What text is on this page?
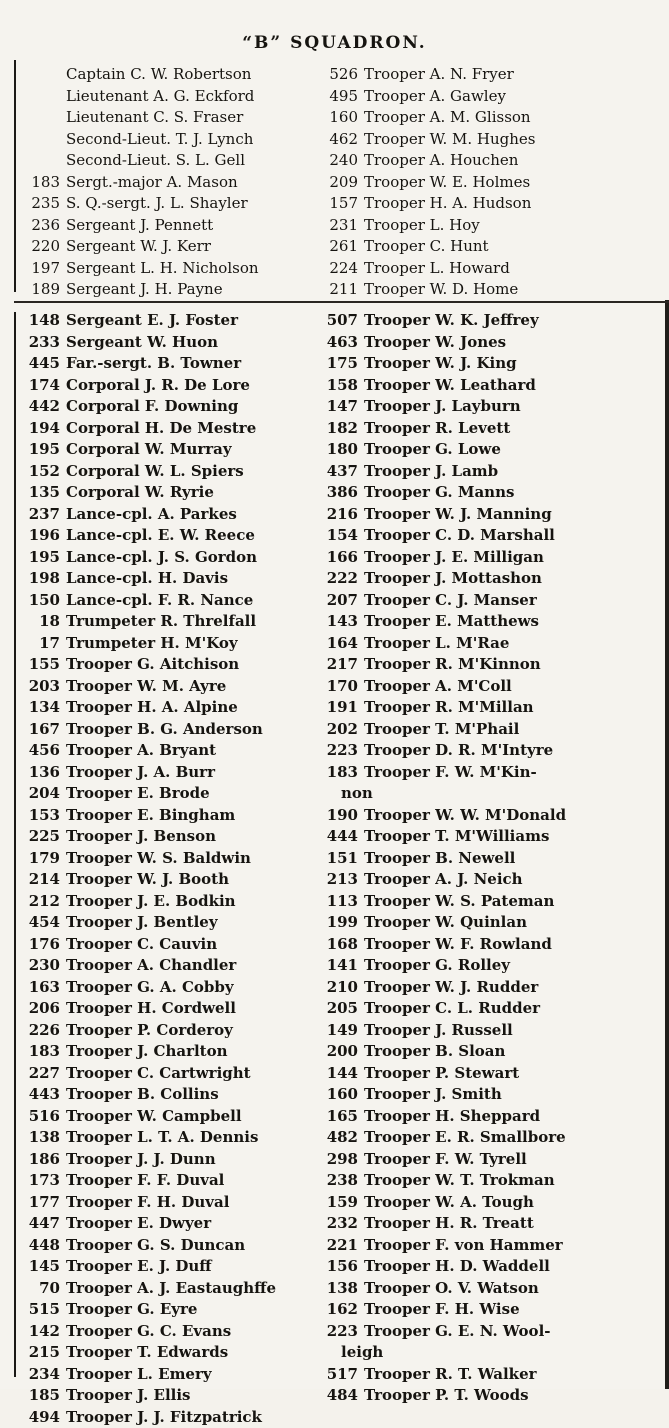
“B” SQUADRON.
Captain C. W. Robertson
Lieutenant A. G. Eckford
Lieutenant C. S. Fraser
Second-Lieut. T. J. Lynch
Second-Lieut. S. L. Gell
183 Sergt.-major A. Mason
235 S. Q.-sergt. J. L. Shayler
236 Sergeant J. Pennett
220 Sergeant W. J. Kerr
197 Sergeant L. H. Nicholson
189 Sergeant J. H. Payne
526 Trooper A. N. Fryer
495 Trooper A. Gawley
160 Trooper A. M. Glisson
462 Trooper W. M. Hughes
240 Trooper A. Houchen
209 Trooper W. E. Holmes
157 Trooper H. A. Hudson
231 Trooper L. Hoy
261 Trooper C. Hunt
224 Trooper L. Howard
211 Trooper W. D. Home
148 Sergeant E. J. Foster
233 Sergeant W. Huon
445 Far.-sergt. B. Towner
174 Corporal J. R. De Lore
442 Corporal F. Downing
194 Corporal H. De Mestre
195 Corporal W. Murray
152 Corporal W. L. Spiers
135 Corporal W. Ryrie
237 Lance-cpl. A. Parkes
196 Lance-cpl. E. W. Reece
195 Lance-cpl. J. S. Gordon
198 Lance-cpl. H. Davis
150 Lance-cpl. F. R. Nance
18 Trumpeter R. Threlfall
17 Trumpeter H. M'Koy
155 Trooper G. Aitchison
203 Trooper W. M. Ayre
134 Trooper H. A. Alpine
167 Trooper B. G. Anderson
456 Trooper A. Bryant
136 Trooper J. A. Burr
204 Trooper E. Brode
153 Trooper E. Bingham
225 Trooper J. Benson
179 Trooper W. S. Baldwin
214 Trooper W. J. Booth
212 Trooper J. E. Bodkin
454 Trooper J. Bentley
176 Trooper C. Cauvin
230 Trooper A. Chandler
163 Trooper G. A. Cobby
206 Trooper H. Cordwell
226 Trooper P. Corderoy
183 Trooper J. Charlton
227 Trooper C. Cartwright
443 Trooper B. Collins
516 Trooper W. Campbell
138 Trooper L. T. A. Dennis
186 Trooper J. J. Dunn
173 Trooper F. F. Duval
177 Trooper F. H. Duval
447 Trooper E. Dwyer
448 Trooper G. S. Duncan
145 Trooper E. J. Duff
70 Trooper A. J. Eastaughffe
515 Trooper G. Eyre
142 Trooper G. C. Evans
215 Trooper T. Edwards
234 Trooper L. Emery
185 Trooper J. Ellis
494 Trooper J. J. Fitzpatrick
507 Trooper W. K. Jeffrey
463 Trooper W. Jones
175 Trooper W. J. King
158 Trooper W. Leathard
147 Trooper J. Layburn
182 Trooper R. Levett
180 Trooper G. Lowe
437 Trooper J. Lamb
386 Trooper G. Manns
216 Trooper W. J. Manning
154 Trooper C. D. Marshall
166 Trooper J. E. Milligan
222 Trooper J. Mottashon
207 Trooper C. J. Manser
143 Trooper E. Matthews
164 Trooper L. M'Rae
217 Trooper R. M'Kinnon
170 Trooper A. M'Coll
191 Trooper R. M'Millan
202 Trooper T. M'Phail
223 Trooper D. R. M'Intyre
183 Trooper F. W. M'Kin-
non
190 Trooper W. W. M'Donald
444 Trooper T. M'Williams
151 Trooper B. Newell
213 Trooper A. J. Neich
113 Trooper W. S. Pateman
199 Trooper W. Quinlan
168 Trooper W. F. Rowland
141 Trooper G. Rolley
210 Trooper W. J. Rudder
205 Trooper C. L. Rudder
149 Trooper J. Russell
200 Trooper B. Sloan
144 Trooper P. Stewart
160 Trooper J. Smith
165 Trooper H. Sheppard
482 Trooper E. R. Smallbore
298 Trooper F. W. Tyrell
238 Trooper W. T. Trokman
159 Trooper W. A. Tough
232 Trooper H. R. Treatt
221 Trooper F. von Hammer
156 Trooper H. D. Waddell
138 Trooper O. V. Watson
162 Trooper F. H. Wise
223 Trooper G. E. N. Wool-
leigh
517 Trooper R. T. Walker
484 Trooper P. T. Woods
